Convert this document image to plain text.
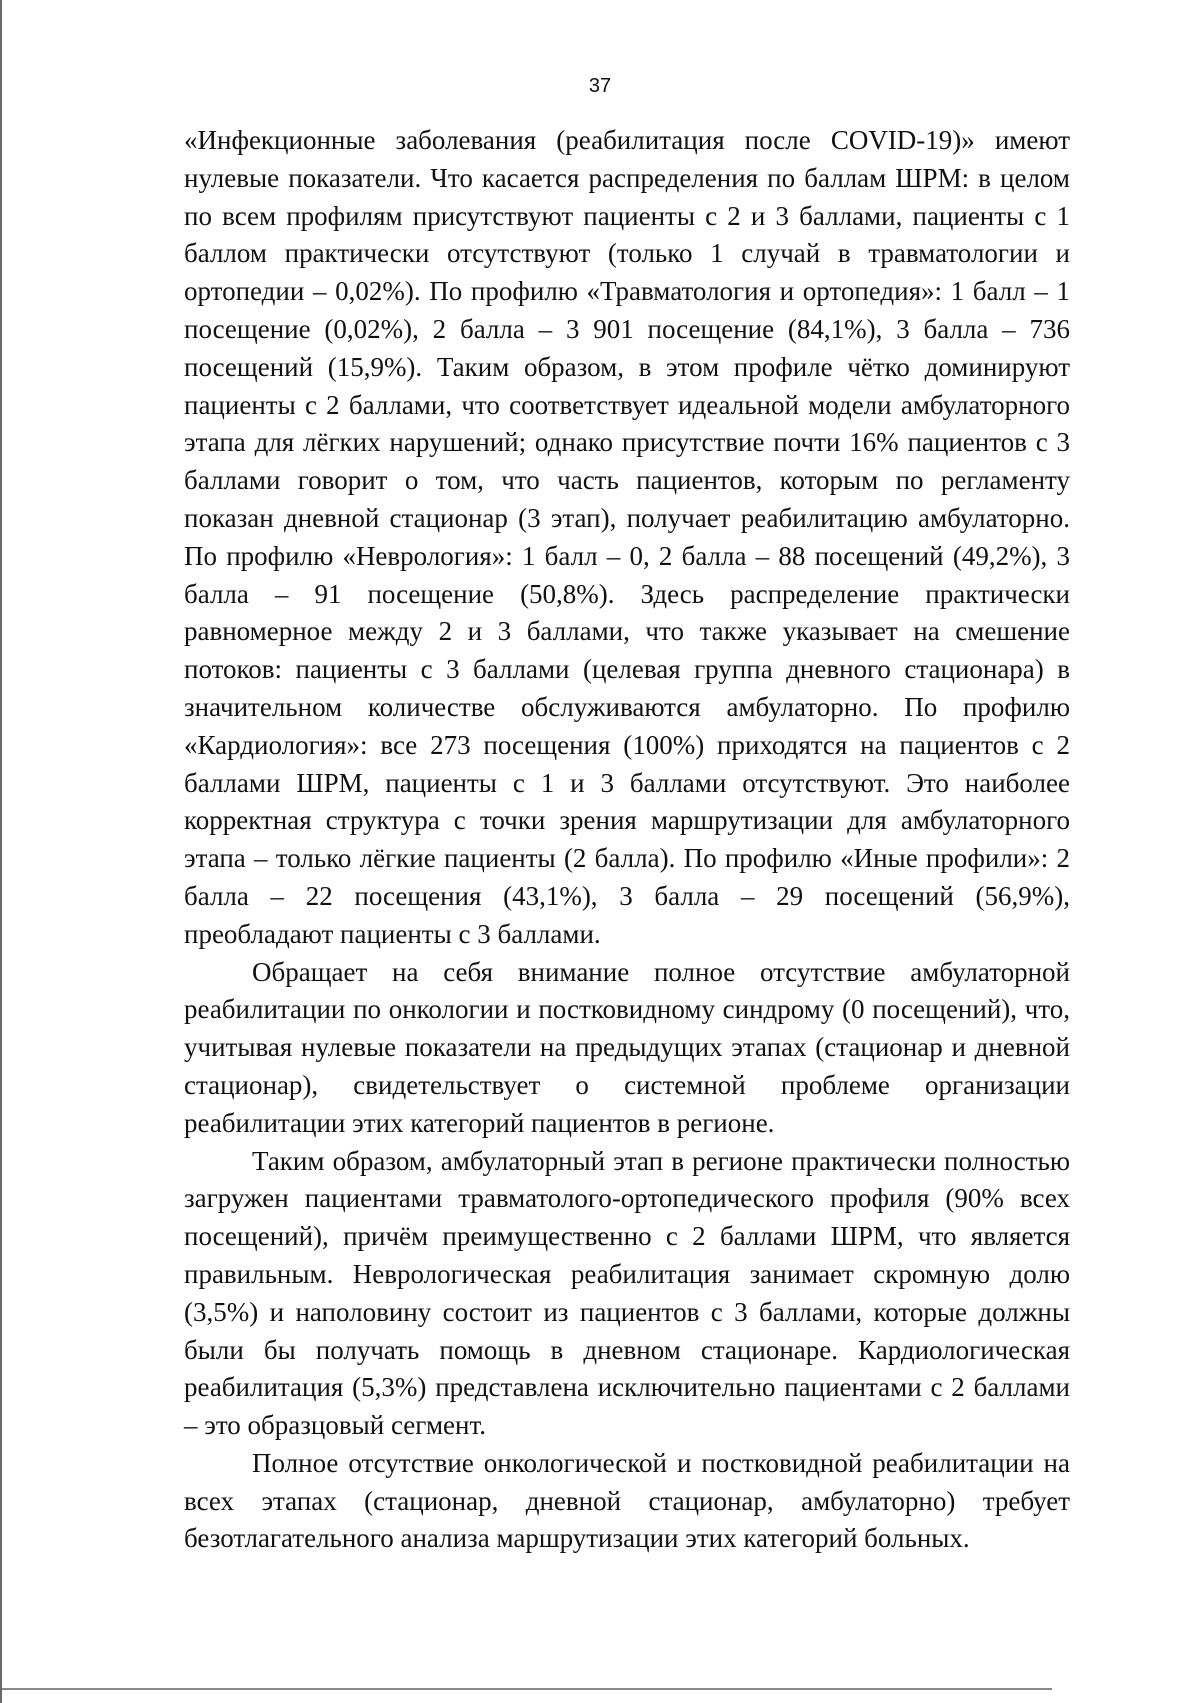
37

«Инфекционные заболевания (реабилитация после COVID-19)» имеют нулевые показатели. Что касается распределения по баллам ШРМ: в целом по всем профилям присутствуют пациенты с 2 и 3 баллами, пациенты с 1 баллом практически отсутствуют (только 1 случай в травматологии и ортопедии – 0,02%). По профилю «Травматология и ортопедия»: 1 балл – 1 посещение (0,02%), 2 балла – 3 901 посещение (84,1%), 3 балла – 736 посещений (15,9%). Таким образом, в этом профиле чётко доминируют пациенты с 2 баллами, что соответствует идеальной модели амбулаторного этапа для лёгких нарушений; однако присутствие почти 16% пациентов с 3 баллами говорит о том, что часть пациентов, которым по регламенту показан дневной стационар (3 этап), получает реабилитацию амбулаторно. По профилю «Неврология»: 1 балл – 0, 2 балла – 88 посещений (49,2%), 3 балла – 91 посещение (50,8%). Здесь распределение практически равномерное между 2 и 3 баллами, что также указывает на смешение потоков: пациенты с 3 баллами (целевая группа дневного стационара) в значительном количестве обслуживаются амбулаторно. По профилю «Кардиология»: все 273 посещения (100%) приходятся на пациентов с 2 баллами ШРМ, пациенты с 1 и 3 баллами отсутствуют. Это наиболее корректная структура с точки зрения маршрутизации для амбулаторного этапа – только лёгкие пациенты (2 балла). По профилю «Иные профили»: 2 балла – 22 посещения (43,1%), 3 балла – 29 посещений (56,9%), преобладают пациенты с 3 баллами.

Обращает на себя внимание полное отсутствие амбулаторной реабилитации по онкологии и постковидному синдрому (0 посещений), что, учитывая нулевые показатели на предыдущих этапах (стационар и дневной стационар), свидетельствует о системной проблеме организации реабилитации этих категорий пациентов в регионе.

Таким образом, амбулаторный этап в регионе практически полностью загружен пациентами травматолого-ортопедического профиля (90% всех посещений), причём преимущественно с 2 баллами ШРМ, что является правильным. Неврологическая реабилитация занимает скромную долю (3,5%) и наполовину состоит из пациентов с 3 баллами, которые должны были бы получать помощь в дневном стационаре. Кардиологическая реабилитация (5,3%) представлена исключительно пациентами с 2 баллами – это образцовый сегмент.

Полное отсутствие онкологической и постковидной реабилитации на всех этапах (стационар, дневной стационар, амбулаторно) требует безотлагательного анализа маршрутизации этих категорий больных.
